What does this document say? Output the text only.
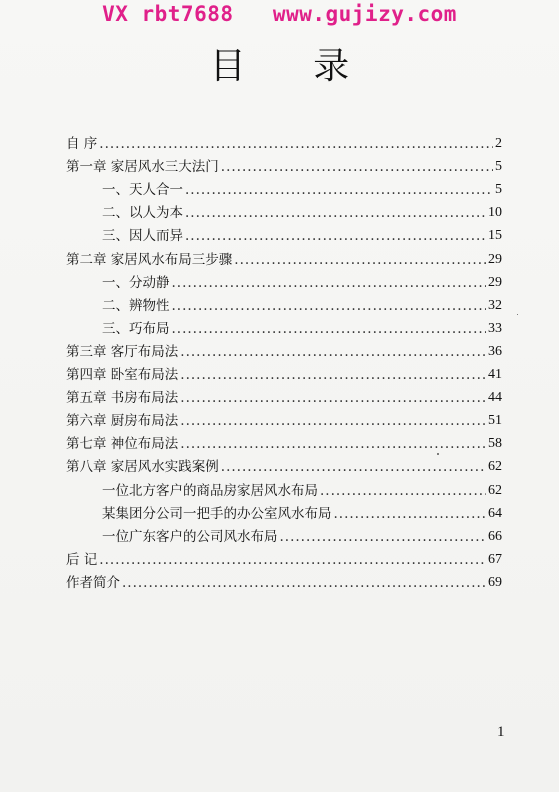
VX rbt7688   www.gujizy.com
目 录
自 序 .....	2
第一章 家居风水三大法门 .....	5
一、天人合一 .....	5
二、以人为本 .....	10
三、因人而异 .....	15
第二章 家居风水布局三步骤 .....	29
一、分动静 .....	29
二、辨物性 .....	32
三、巧布局 .....	33
第三章 客厅布局法 .....	36
第四章 卧室布局法 .....	41
第五章 书房布局法 .....	44
第六章 厨房布局法 .....	51
第七章 神位布局法 .....	58
第八章 家居风水实践案例 .....	62
一位北方客户的商品房家居风水布局 .....	62
某集团分公司一把手的办公室风水布局 .....	64
一位广东客户的公司风水布局 .....	66
后 记 .....	67
作者简介 .....	69
1
